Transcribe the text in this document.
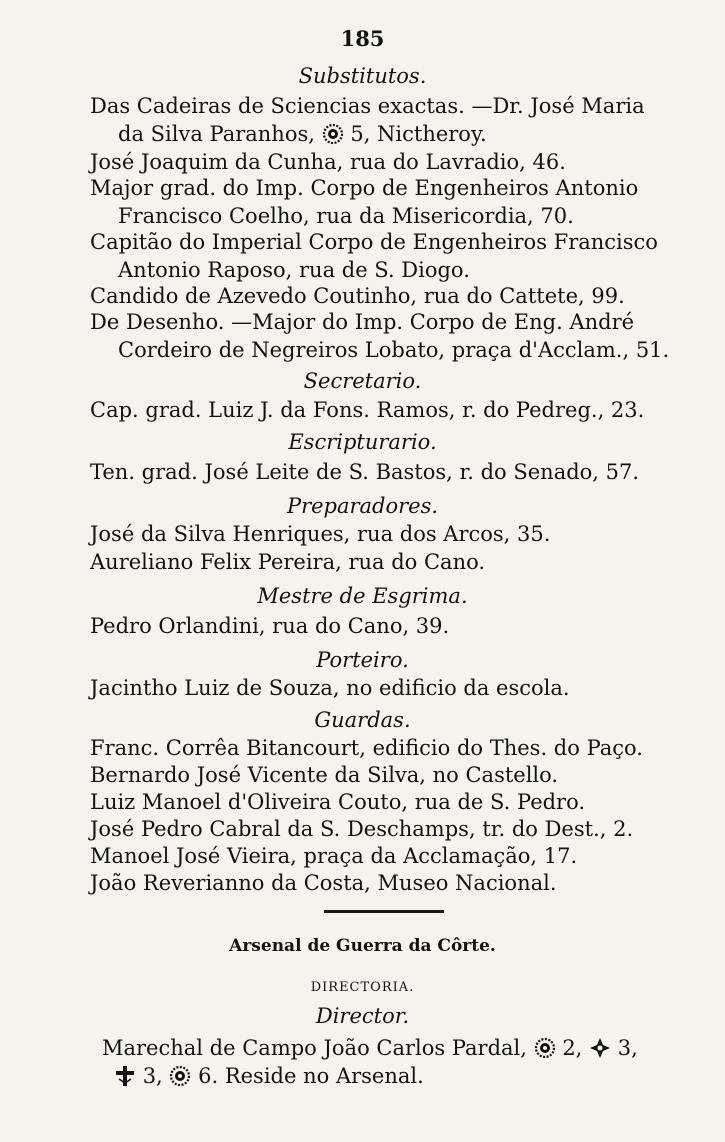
185
Substitutos.
Das Cadeiras de Sciencias exactas. —Dr. José Maria
da Silva Paranhos, 5, Nictheroy.
José Joaquim da Cunha, rua do Lavradio, 46.
Major grad. do Imp. Corpo de Engenheiros Antonio
Francisco Coelho, rua da Misericordia, 70.
Capitão do Imperial Corpo de Engenheiros Francisco
Antonio Raposo, rua de S. Diogo.
Candido de Azevedo Coutinho, rua do Cattete, 99.
De Desenho. —Major do Imp. Corpo de Eng. André
Cordeiro de Negreiros Lobato, praça d'Acclam., 51.
Secretario.
Cap. grad. Luiz J. da Fons. Ramos, r. do Pedreg., 23.
Escripturario.
Ten. grad. José Leite de S. Bastos, r. do Senado, 57.
Preparadores.
José da Silva Henriques, rua dos Arcos, 35.
Aureliano Felix Pereira, rua do Cano.
Mestre de Esgrima.
Pedro Orlandini, rua do Cano, 39.
Porteiro.
Jacintho Luiz de Souza, no edificio da escola.
Guardas.
Franc. Corrêa Bitancourt, edificio do Thes. do Paço.
Bernardo José Vicente da Silva, no Castello.
Luiz Manoel d'Oliveira Couto, rua de S. Pedro.
José Pedro Cabral da S. Deschamps, tr. do Dest., 2.
Manoel José Vieira, praça da Acclamação, 17.
João Reverianno da Costa, Museo Nacional.
Arsenal de Guerra da Côrte.
DIRECTORIA.
Director.
Marechal de Campo João Carlos Pardal, 2, 3,
3, 6. Reside no Arsenal.
